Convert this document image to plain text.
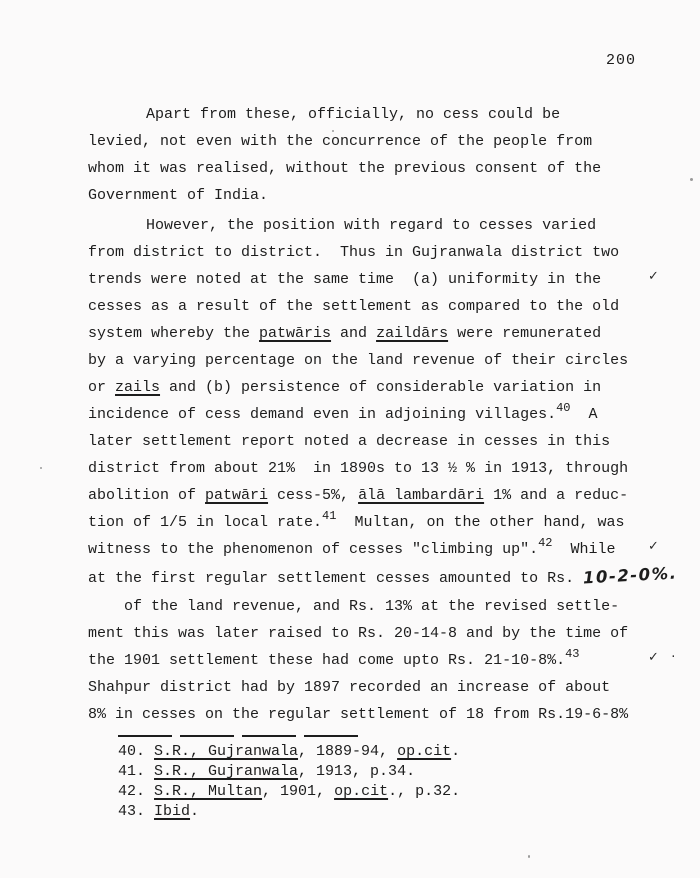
200
Apart from these, officially, no cess could be
levied, not even with the concurrence of the people from
whom it was realised, without the previous consent of the
Government of India.
However, the position with regard to cesses varied
from district to district.  Thus in Gujranwala district two
trends were noted at the same time  (a) uniformity in the	✓
cesses as a result of the settlement as compared to the old
system whereby the patwāris and zaildārs were remunerated
by a varying percentage on the land revenue of their circles
or zails and (b) persistence of considerable variation in
incidence of cess demand even in adjoining villages.$^{40}$  A
later settlement report noted a decrease in cesses in this
district from about 21%  in 1890s to 13 ½ % in 1913, through
abolition of patwāri cess-5%, ālā lambardāri 1% and a reduc-
tion of 1/5 in local rate.$^{41}$  Multan, on the other hand, was
witness to the phenomenon of cesses "climbing up".$^{42}$  While	✓
at the first regular settlement cesses amounted to Rs. 10-2-0%.
of the land revenue, and Rs. 13% at the revised settle-
ment this was later raised to Rs. 20-14-8 and by the time of
the 1901 settlement these had come upto Rs. 21-10-8%.$^{43}$	✓   ·
Shahpur district had by 1897 recorded an increase of about
8% in cesses on the regular settlement of 18 from Rs.19-6-8%
40. S.R., Gujranwala, 1889-94, op.cit.
41. S.R., Gujranwala, 1913, p.34.
42. S.R., Multan, 1901, op.cit., p.32.
43. Ibid.
